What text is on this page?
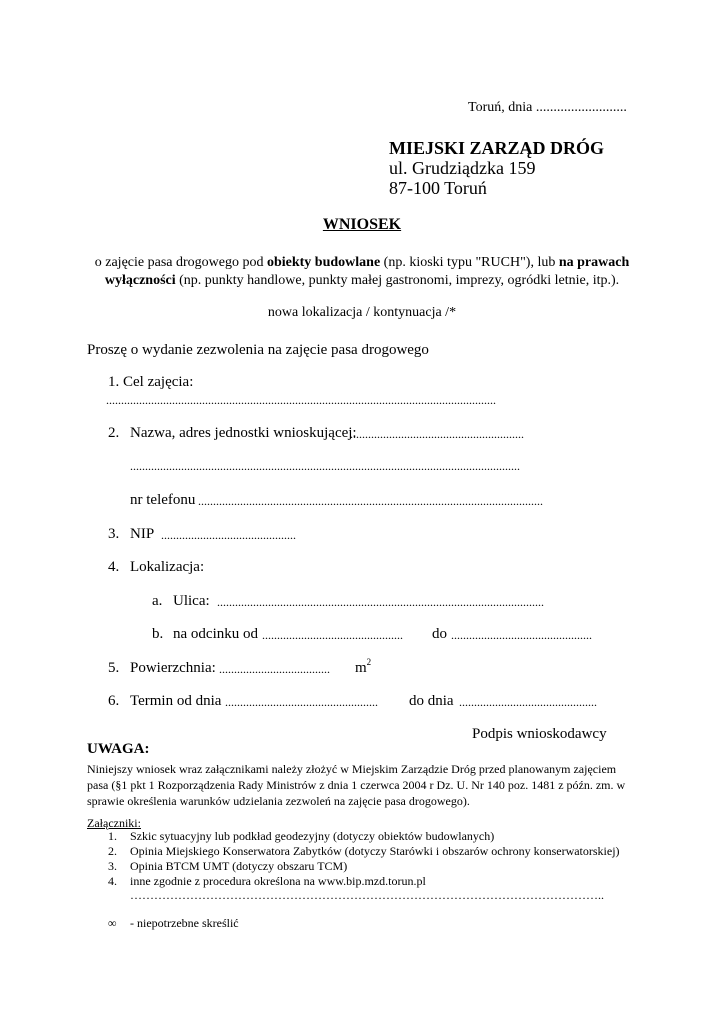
Toruń, dnia ..........................
MIEJSKI ZARZĄD DRÓG
ul. Grudziądzka 159
87-100 Toruń
WNIOSEK
o zajęcie pasa drogowego pod obiekty budowlane (np. kioski typu "RUCH"), lub na prawach
wyłączności (np. punkty handlowe, punkty małej gastronomi, imprezy, ogródki letnie, itp.).
nowa lokalizacja / kontynuacja /*
Proszę o wydanie zezwolenia na zajęcie pasa drogowego
1. Cel zajęcia:
..................................................................................................................................
2. Nazwa, adres jednostki wnioskującej:
..........................................................
..................................................................................................................................
nr telefonu ...................................................................................................................
3. NIP .............................................
4. Lokalizacja:
a. Ulica: .............................................................................................................
b. na odcinku od ............................................... do ...............................................
5. Powierzchnia: ..................................... $m^2$
6. Termin od dnia ................................................... do dnia ..............................................
Podpis wnioskodawcy
UWAGA:
Niniejszy wniosek wraz załącznikami należy złożyć w Miejskim Zarządzie Dróg przed planowanym zajęciem
pasa (§1 pkt 1 Rozporządzenia Rady Ministrów z dnia 1 czerwca 2004 r Dz. U. Nr 140 poz. 1481 z późn. zm. w
sprawie określenia warunków udzielania zezwoleń na zajęcie pasa drogowego).
Załączniki:
1. Szkic sytuacyjny lub podkład geodezyjny (dotyczy obiektów budowlanych)
2. Opinia Miejskiego Konserwatora Zabytków (dotyczy Starówki i obszarów ochrony konserwatorskiej)
3. Opinia BTCM UMT (dotyczy obszaru TCM)
4. inne zgodnie z procedura określona na www.bip.mzd.torun.pl
………………………………………………………………………………………………………..
∞ - niepotrzebne skreślić
